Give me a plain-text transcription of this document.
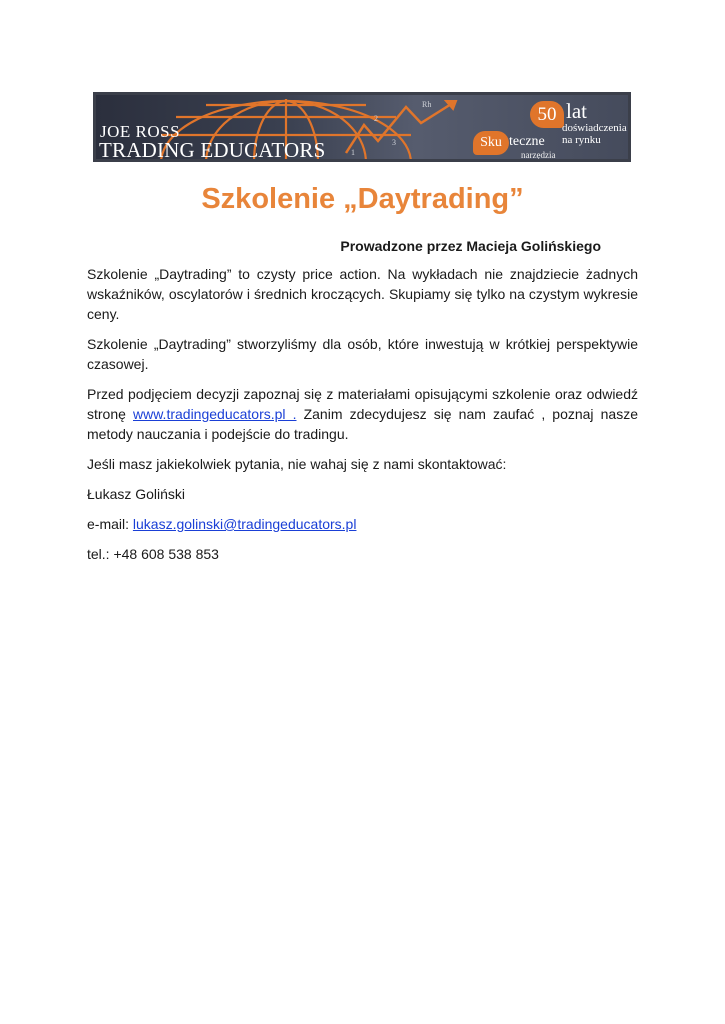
1
2
3
Rh
JOE ROSS
TRADING EDUCATORS
50 lat
doświadczenia
na rynku
Sku teczne
narzędzia
Szkolenie „Daytrading”
Prowadzone przez Macieja Golińskiego

Szkolenie „Daytrading” to czysty price action. Na wykładach nie znajdziecie żadnych wskaźników, oscylatorów i średnich kroczących. Skupiamy się tylko na czystym wykresie ceny.

Szkolenie „Daytrading” stworzyliśmy dla osób, które inwestują w krótkiej perspektywie czasowej.

Przed podjęciem decyzji zapoznaj się z materiałami opisującymi szkolenie oraz odwiedź stronę www.tradingeducators.pl . Zanim zdecydujesz się nam zaufać , poznaj nasze metody nauczania i podejście do tradingu.

Jeśli masz jakiekolwiek pytania, nie wahaj się z nami skontaktować:

Łukasz Goliński

e-mail: lukasz.golinski@tradingeducators.pl

tel.: +48 608 538 853
